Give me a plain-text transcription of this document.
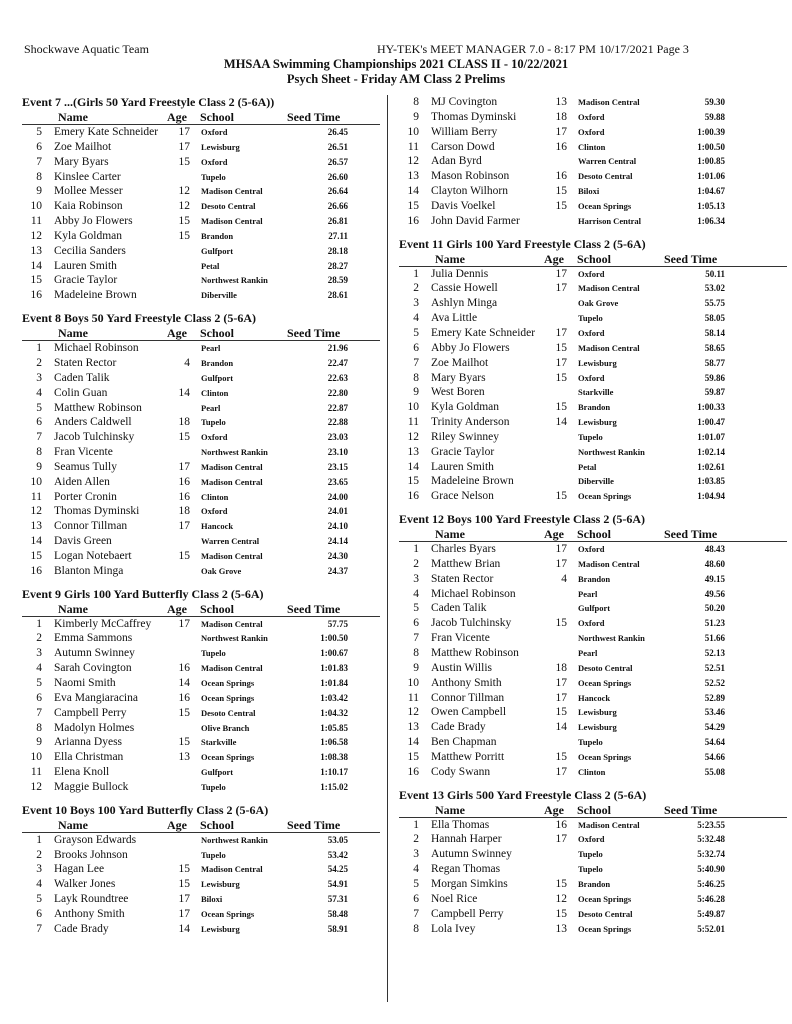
Shockwave Aquatic Team	HY-TEK's MEET MANAGER 7.0 - 8:17 PM 10/17/2021 Page 3
MHSAA Swimming Championships 2021 CLASS II - 10/22/2021
Psych Sheet - Friday AM Class 2 Prelims
Event 7 ...(Girls 50 Yard Freestyle Class 2 (5-6A))
Name	Age School	Seed Time
5 Emery Kate Schneider 17 Oxford	26.45
6 Zoe Mailhot	17 Lewisburg	26.51
7 Mary Byars	15 Oxford	26.57
8 Kinslee Carter	Tupelo	26.60
9 Mollee Messer	12 Madison Central	26.64
10 Kaia Robinson	12 Desoto Central	26.66
11 Abby Jo Flowers	15 Madison Central	26.81
12 Kyla Goldman	15 Brandon	27.11
13 Cecilia Sanders	Gulfport	28.18
14 Lauren Smith	Petal	28.27
15 Gracie Taylor	Northwest Rankin	28.59
16 Madeleine Brown	Diberville	28.61
Event 8 Boys 50 Yard Freestyle Class 2 (5-6A)
Name	Age School	Seed Time
1 Michael Robinson	Pearl	21.96
2 Staten Rector	4 Brandon	22.47
3 Caden Talik	Gulfport	22.63
4 Colin Guan	14 Clinton	22.80
5 Matthew Robinson	Pearl	22.87
6 Anders Caldwell	18 Tupelo	22.88
7 Jacob Tulchinsky	15 Oxford	23.03
8 Fran Vicente	Northwest Rankin	23.10
9 Seamus Tully	17 Madison Central	23.15
10 Aiden Allen	16 Madison Central	23.65
11 Porter Cronin	16 Clinton	24.00
12 Thomas Dyminski	18 Oxford	24.01
13 Connor Tillman	17 Hancock	24.10
14 Davis Green	Warren Central	24.14
15 Logan Notebaert	15 Madison Central	24.30
16 Blanton Minga	Oak Grove	24.37
Event 9 Girls 100 Yard Butterfly Class 2 (5-6A)
Name	Age School	Seed Time
1 Kimberly McCaffrey 17 Madison Central	57.75
2 Emma Sammons	Northwest Rankin	1:00.50
3 Autumn Swinney	Tupelo	1:00.67
4 Sarah Covington	16 Madison Central	1:01.83
5 Naomi Smith	14 Ocean Springs	1:01.84
6 Eva Mangiaracina	16 Ocean Springs	1:03.42
7 Campbell Perry	15 Desoto Central	1:04.32
8 Madolyn Holmes	Olive Branch	1:05.85
9 Arianna Dyess	15 Starkville	1:06.58
10 Ella Christman	13 Ocean Springs	1:08.38
11 Elena Knoll	Gulfport	1:10.17
12 Maggie Bullock	Tupelo	1:15.02
Event 10 Boys 100 Yard Butterfly Class 2 (5-6A)
Name	Age School	Seed Time
1 Grayson Edwards	Northwest Rankin	53.05
2 Brooks Johnson	Tupelo	53.42
3 Hagan Lee	15 Madison Central	54.25
4 Walker Jones	15 Lewisburg	54.91
5 Layk Roundtree	17 Biloxi	57.31
6 Anthony Smith	17 Ocean Springs	58.48
7 Cade Brady	14 Lewisburg	58.91
8 MJ Covington	13 Madison Central	59.30
9 Thomas Dyminski	18 Oxford	59.88
10 William Berry	17 Oxford	1:00.39
11 Carson Dowd	16 Clinton	1:00.50
12 Adan Byrd	Warren Central	1:00.85
13 Mason Robinson	16 Desoto Central	1:01.06
14 Clayton Wilhorn	15 Biloxi	1:04.67
15 Davis Voelkel	15 Ocean Springs	1:05.13
16 John David Farmer	Harrison Central	1:06.34
Event 11 Girls 100 Yard Freestyle Class 2 (5-6A)
Name	Age School	Seed Time
1 Julia Dennis	17 Oxford	50.11
2 Cassie Howell	17 Madison Central	53.02
3 Ashlyn Minga	Oak Grove	55.75
4 Ava Little	Tupelo	58.05
5 Emery Kate Schneider 17 Oxford	58.14
6 Abby Jo Flowers	15 Madison Central	58.65
7 Zoe Mailhot	17 Lewisburg	58.77
8 Mary Byars	15 Oxford	59.86
9 West Boren	Starkville	59.87
10 Kyla Goldman	15 Brandon	1:00.33
11 Trinity Anderson	14 Lewisburg	1:00.47
12 Riley Swinney	Tupelo	1:01.07
13 Gracie Taylor	Northwest Rankin	1:02.14
14 Lauren Smith	Petal	1:02.61
15 Madeleine Brown	Diberville	1:03.85
16 Grace Nelson	15 Ocean Springs	1:04.94
Event 12 Boys 100 Yard Freestyle Class 2 (5-6A)
Name	Age School	Seed Time
1 Charles Byars	17 Oxford	48.43
2 Matthew Brian	17 Madison Central	48.60
3 Staten Rector	4 Brandon	49.15
4 Michael Robinson	Pearl	49.56
5 Caden Talik	Gulfport	50.20
6 Jacob Tulchinsky	15 Oxford	51.23
7 Fran Vicente	Northwest Rankin	51.66
8 Matthew Robinson	Pearl	52.13
9 Austin Willis	18 Desoto Central	52.51
10 Anthony Smith	17 Ocean Springs	52.52
11 Connor Tillman	17 Hancock	52.89
12 Owen Campbell	15 Lewisburg	53.46
13 Cade Brady	14 Lewisburg	54.29
14 Ben Chapman	Tupelo	54.64
15 Matthew Porritt	15 Ocean Springs	54.66
16 Cody Swann	17 Clinton	55.08
Event 13 Girls 500 Yard Freestyle Class 2 (5-6A)
Name	Age School	Seed Time
1 Ella Thomas	16 Madison Central	5:23.55
2 Hannah Harper	17 Oxford	5:32.48
3 Autumn Swinney	Tupelo	5:32.74
4 Regan Thomas	Tupelo	5:40.90
5 Morgan Simkins	15 Brandon	5:46.25
6 Noel Rice	12 Ocean Springs	5:46.28
7 Campbell Perry	15 Desoto Central	5:49.87
8 Lola Ivey	13 Ocean Springs	5:52.01
